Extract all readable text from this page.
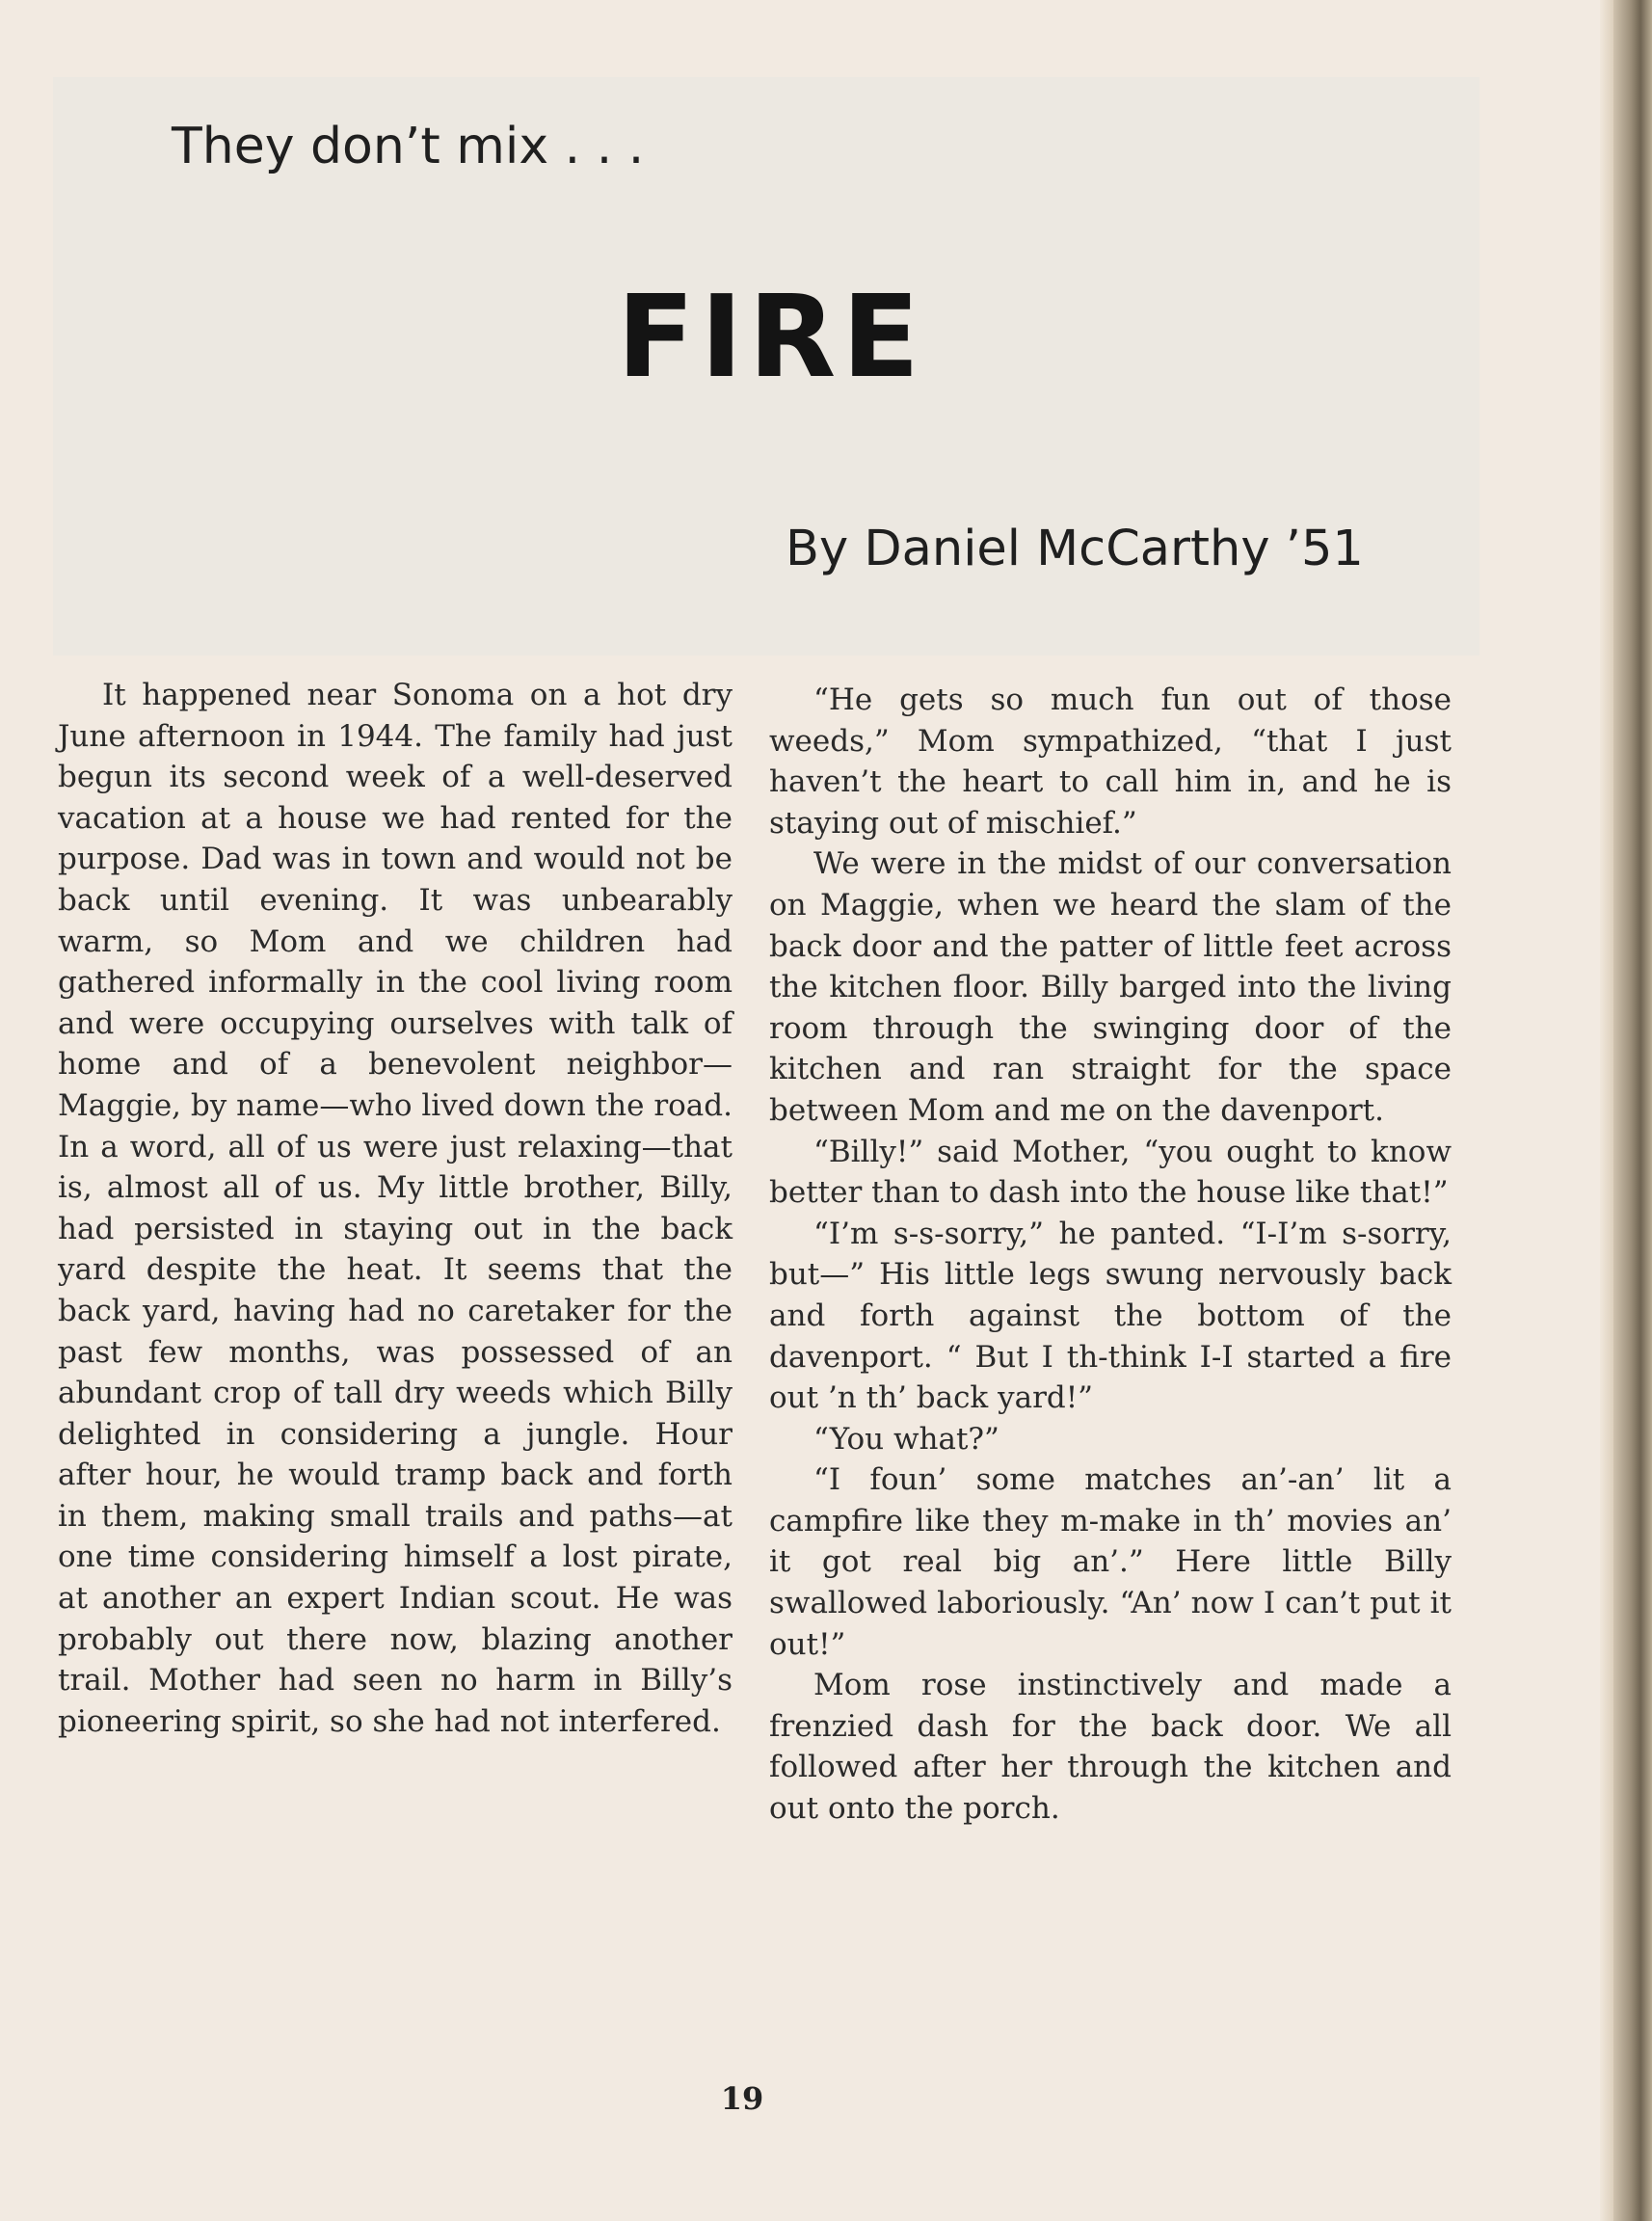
They don’t mix . . .
FIRE
By Daniel McCarthy ’51

It happened near Sonoma on a hot dry June afternoon in 1944. The family had just begun its second week of a well-deserved vacation at a house we had rented for the purpose. Dad was in town and would not be back until evening. It was unbearably warm, so Mom and we children had gathered informally in the cool living room and were occupying ourselves with talk of home and of a benevolent neighbor—Maggie, by name—who lived down the road. In a word, all of us were just relaxing—that is, almost all of us. My little brother, Billy, had persisted in staying out in the back yard despite the heat. It seems that the back yard, having had no caretaker for the past few months, was possessed of an abundant crop of tall dry weeds which Billy delighted in considering a jungle. Hour after hour, he would tramp back and forth in them, making small trails and paths—at one time considering himself a lost pirate, at another an expert Indian scout. He was probably out there now, blazing another trail. Mother had seen no harm in Billy’s pioneering spirit, so she had not interfered.

“He gets so much fun out of those weeds,” Mom sympathized, “that I just haven’t the heart to call him in, and he is staying out of mischief.”

We were in the midst of our conversation on Maggie, when we heard the slam of the back door and the patter of little feet across the kitchen floor. Billy barged into the living room through the swinging door of the kitchen and ran straight for the space between Mom and me on the davenport.

“Billy!” said Mother, “you ought to know better than to dash into the house like that!”

“I’m s-s-sorry,” he panted. “I-I’m s-sorry, but—” His little legs swung nervously back and forth against the bottom of the davenport. “ But I th-think I-I started a fire out ’n th’ back yard!”

“You what?”

“I foun’ some matches an’-an’ lit a campfire like they m-make in th’ movies an’ it got real big an’.” Here little Billy swallowed laboriously. “An’ now I can’t put it out!”

Mom rose instinctively and made a frenzied dash for the back door. We all followed after her through the kitchen and out onto the porch.

19
